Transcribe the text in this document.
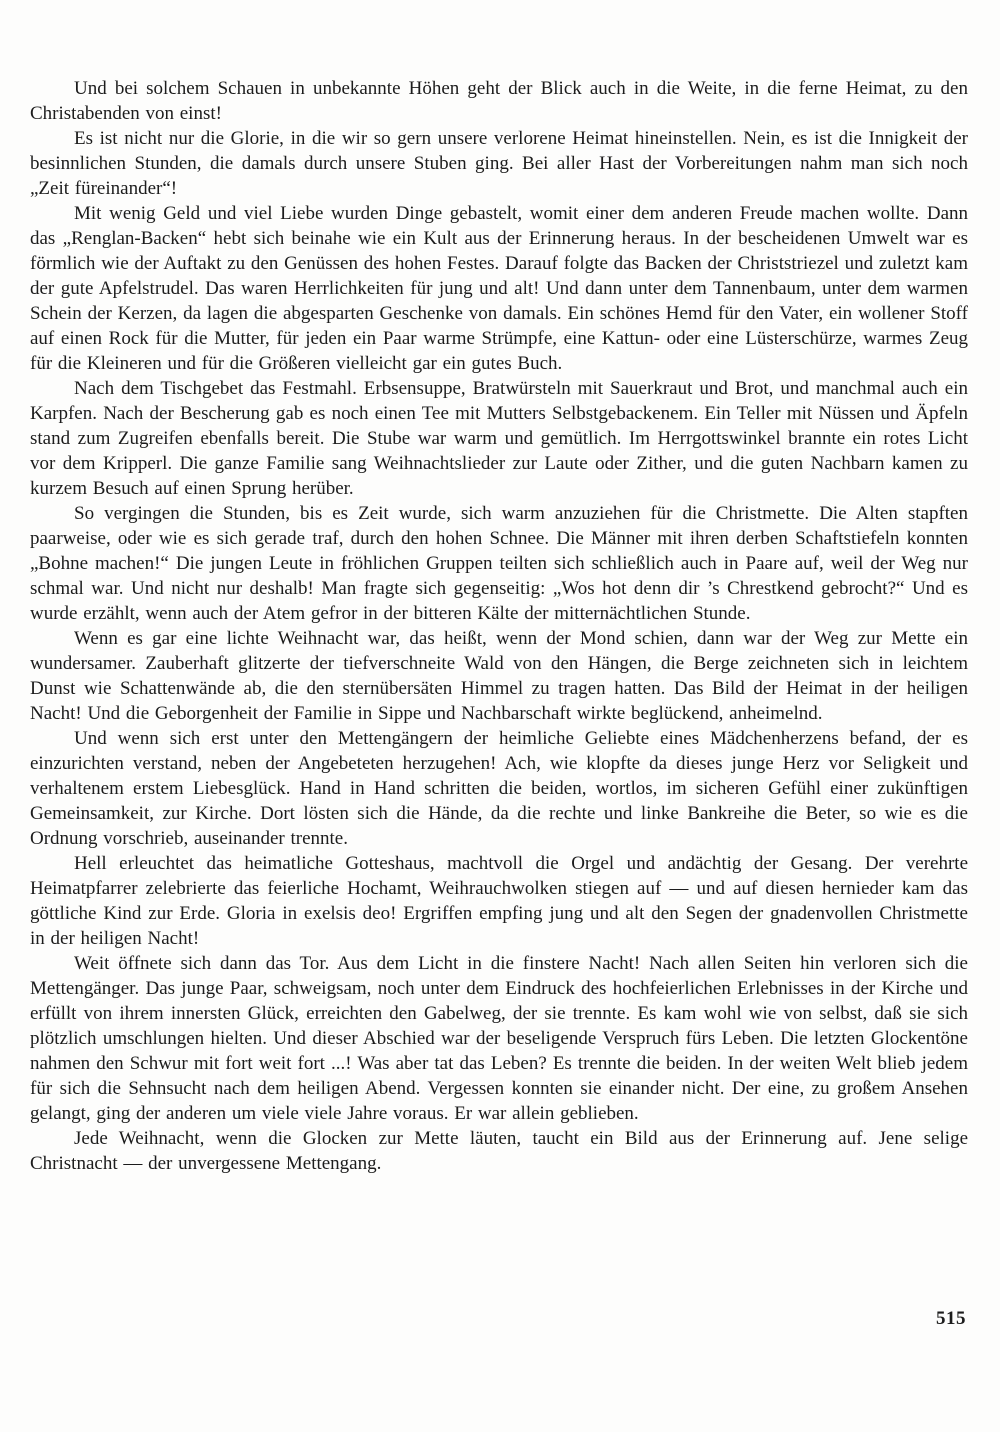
Und bei solchem Schauen in unbekannte Höhen geht der Blick auch in die Weite, in die ferne Heimat, zu den Christabenden von einst!

Es ist nicht nur die Glorie, in die wir so gern unsere verlorene Heimat hineinstellen. Nein, es ist die Innigkeit der besinnlichen Stunden, die damals durch unsere Stuben ging. Bei aller Hast der Vorbereitungen nahm man sich noch „Zeit füreinander“!

Mit wenig Geld und viel Liebe wurden Dinge gebastelt, womit einer dem anderen Freude machen wollte. Dann das „Renglan-Backen“ hebt sich beinahe wie ein Kult aus der Erinnerung heraus. In der bescheidenen Umwelt war es förmlich wie der Auftakt zu den Genüssen des hohen Festes. Darauf folgte das Backen der Christstriezel und zuletzt kam der gute Apfelstrudel. Das waren Herrlichkeiten für jung und alt! Und dann unter dem Tannenbaum, unter dem warmen Schein der Kerzen, da lagen die abgesparten Geschenke von damals. Ein schönes Hemd für den Vater, ein wollener Stoff auf einen Rock für die Mutter, für jeden ein Paar warme Strümpfe, eine Kattun- oder eine Lüsterschürze, warmes Zeug für die Kleineren und für die Größeren vielleicht gar ein gutes Buch.

Nach dem Tischgebet das Festmahl. Erbsensuppe, Bratwürsteln mit Sauerkraut und Brot, und manchmal auch ein Karpfen. Nach der Bescherung gab es noch einen Tee mit Mutters Selbstgebackenem. Ein Teller mit Nüssen und Äpfeln stand zum Zugreifen ebenfalls bereit. Die Stube war warm und gemütlich. Im Herrgottswinkel brannte ein rotes Licht vor dem Kripperl. Die ganze Familie sang Weihnachtslieder zur Laute oder Zither, und die guten Nachbarn kamen zu kurzem Besuch auf einen Sprung herüber.

So vergingen die Stunden, bis es Zeit wurde, sich warm anzuziehen für die Christmette. Die Alten stapften paarweise, oder wie es sich gerade traf, durch den hohen Schnee. Die Männer mit ihren derben Schaftstiefeln konnten „Bohne machen!“ Die jungen Leute in fröhlichen Gruppen teilten sich schließlich auch in Paare auf, weil der Weg nur schmal war. Und nicht nur deshalb! Man fragte sich gegenseitig: „Wos hot denn dir ’s Chrestkend gebrocht?“ Und es wurde erzählt, wenn auch der Atem gefror in der bitteren Kälte der mitternächtlichen Stunde.

Wenn es gar eine lichte Weihnacht war, das heißt, wenn der Mond schien, dann war der Weg zur Mette ein wundersamer. Zauberhaft glitzerte der tiefverschneite Wald von den Hängen, die Berge zeichneten sich in leichtem Dunst wie Schattenwände ab, die den sternübersäten Himmel zu tragen hatten. Das Bild der Heimat in der heiligen Nacht! Und die Geborgenheit der Familie in Sippe und Nachbarschaft wirkte beglückend, anheimelnd.

Und wenn sich erst unter den Mettengängern der heimliche Geliebte eines Mädchenherzens befand, der es einzurichten verstand, neben der Angebeteten herzugehen! Ach, wie klopfte da dieses junge Herz vor Seligkeit und verhaltenem erstem Liebesglück. Hand in Hand schritten die beiden, wortlos, im sicheren Gefühl einer zukünftigen Gemeinsamkeit, zur Kirche. Dort lösten sich die Hände, da die rechte und linke Bankreihe die Beter, so wie es die Ordnung vorschrieb, auseinander trennte.

Hell erleuchtet das heimatliche Gotteshaus, machtvoll die Orgel und andächtig der Gesang. Der verehrte Heimatpfarrer zelebrierte das feierliche Hochamt, Weihrauchwolken stiegen auf — und auf diesen hernieder kam das göttliche Kind zur Erde. Gloria in exelsis deo! Ergriffen empfing jung und alt den Segen der gnadenvollen Christmette in der heiligen Nacht!

Weit öffnete sich dann das Tor. Aus dem Licht in die finstere Nacht! Nach allen Seiten hin verloren sich die Mettengänger. Das junge Paar, schweigsam, noch unter dem Eindruck des hochfeierlichen Erlebnisses in der Kirche und erfüllt von ihrem innersten Glück, erreichten den Gabelweg, der sie trennte. Es kam wohl wie von selbst, daß sie sich plötzlich umschlungen hielten. Und dieser Abschied war der beseligende Verspruch fürs Leben. Die letzten Glockentöne nahmen den Schwur mit fort weit fort ...! Was aber tat das Leben? Es trennte die beiden. In der weiten Welt blieb jedem für sich die Sehnsucht nach dem heiligen Abend. Vergessen konnten sie einander nicht. Der eine, zu großem Ansehen gelangt, ging der anderen um viele viele Jahre voraus. Er war allein geblieben.

Jede Weihnacht, wenn die Glocken zur Mette läuten, taucht ein Bild aus der Erinnerung auf. Jene selige Christnacht — der unvergessene Mettengang.

515
